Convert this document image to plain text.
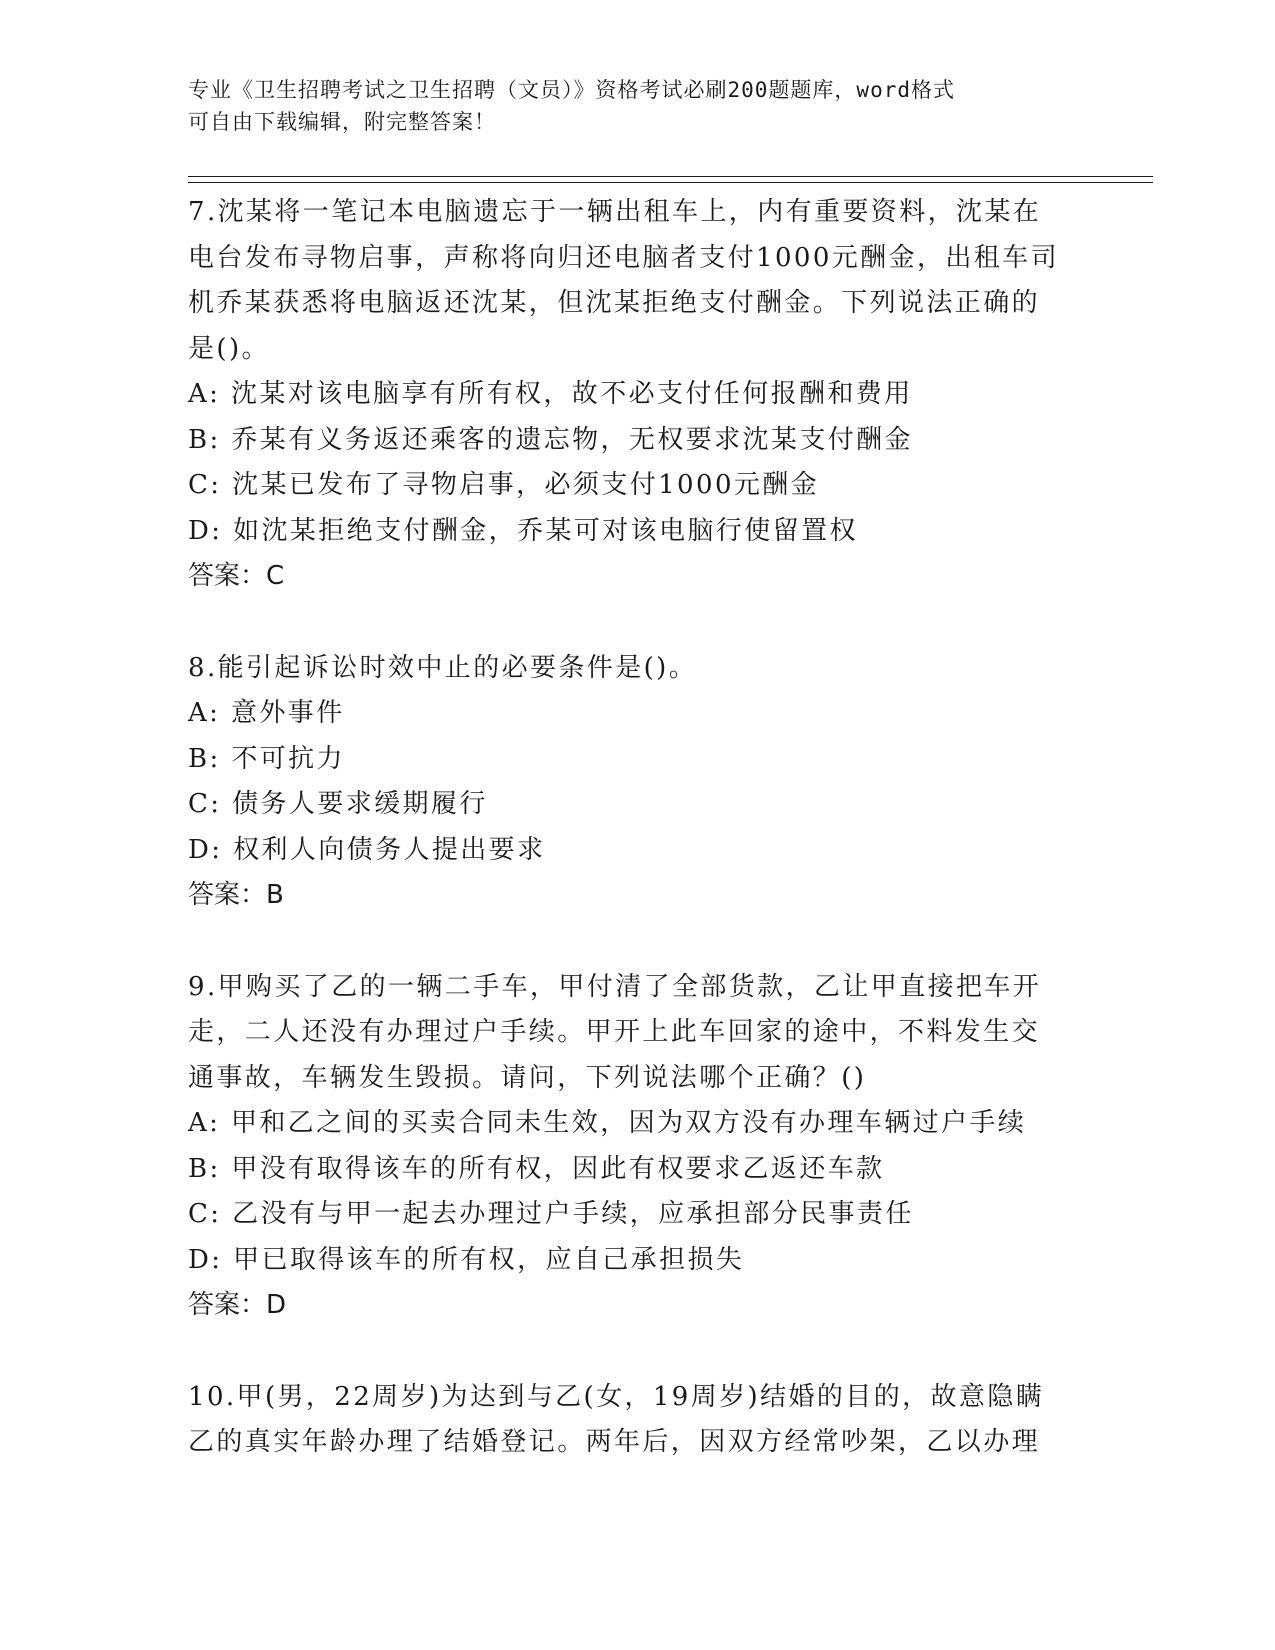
专业《卫生招聘考试之卫生招聘（文员）》资格考试必刷200题题库，word格式
可自由下载编辑，附完整答案！
7.沈某将一笔记本电脑遗忘于一辆出租车上，内有重要资料，沈某在
电台发布寻物启事，声称将向归还电脑者支付1000元酬金，出租车司
机乔某获悉将电脑返还沈某，但沈某拒绝支付酬金。下列说法正确的
是()。
A: 沈某对该电脑享有所有权，故不必支付任何报酬和费用
B: 乔某有义务返还乘客的遗忘物，无权要求沈某支付酬金
C: 沈某已发布了寻物启事，必须支付1000元酬金
D: 如沈某拒绝支付酬金，乔某可对该电脑行使留置权
答案：C
8.能引起诉讼时效中止的必要条件是()。
A: 意外事件
B: 不可抗力
C: 债务人要求缓期履行
D: 权利人向债务人提出要求
答案：B
9.甲购买了乙的一辆二手车，甲付清了全部货款，乙让甲直接把车开
走，二人还没有办理过户手续。甲开上此车回家的途中，不料发生交
通事故，车辆发生毁损。请问，下列说法哪个正确？()
A: 甲和乙之间的买卖合同未生效，因为双方没有办理车辆过户手续
B: 甲没有取得该车的所有权，因此有权要求乙返还车款
C: 乙没有与甲一起去办理过户手续，应承担部分民事责任
D: 甲已取得该车的所有权，应自己承担损失
答案：D
10.甲(男，22周岁)为达到与乙(女，19周岁)结婚的目的，故意隐瞒
乙的真实年龄办理了结婚登记。两年后，因双方经常吵架，乙以办理
